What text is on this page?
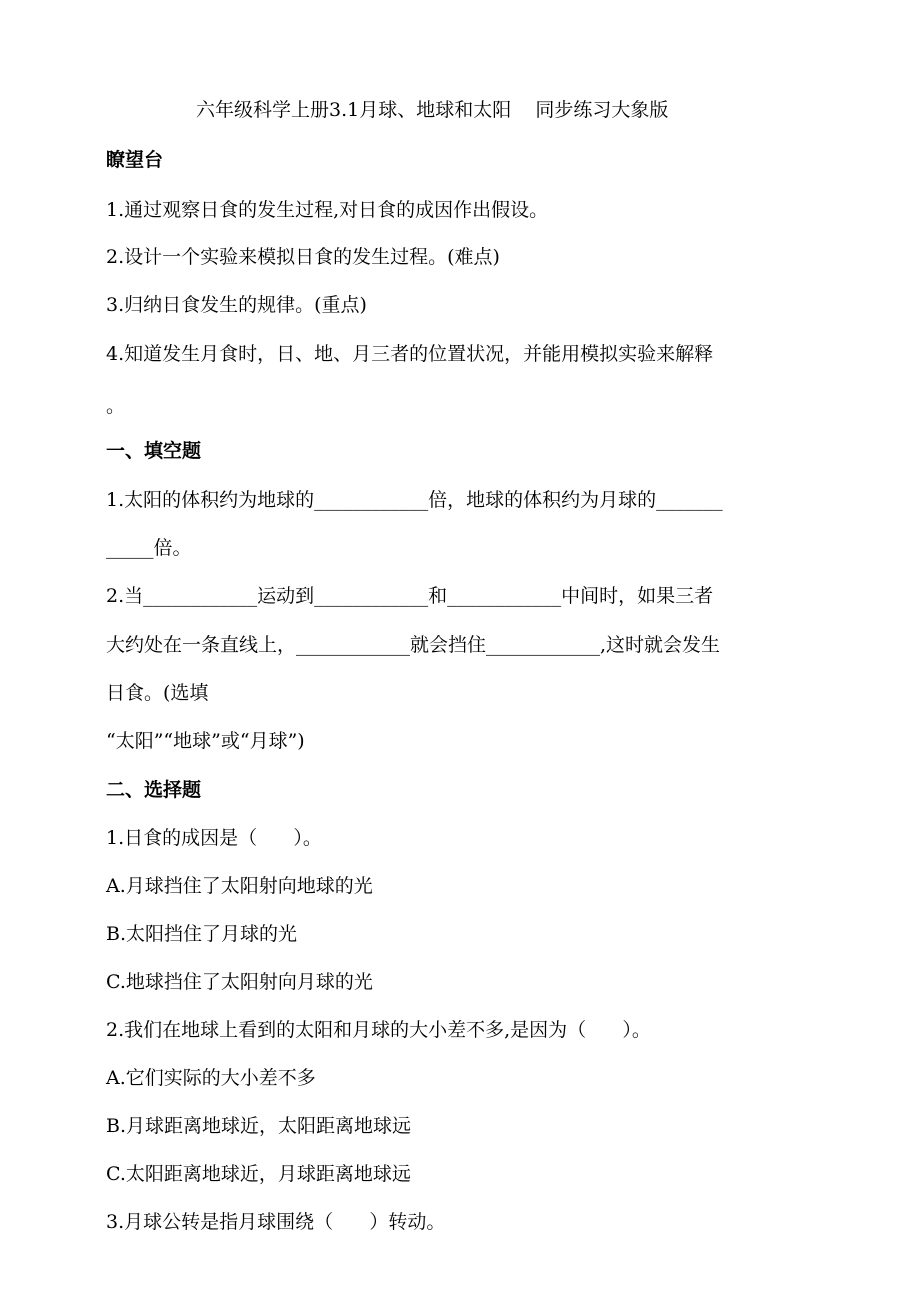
六年级科学上册3.1月球、地球和太阳    同步练习大象版
瞭望台
1.通过观察日食的发生过程,对日食的成因作出假设。
2.设计一个实验来模拟日食的发生过程。(难点)
3.归纳日食发生的规律。(重点)
4.知道发生月食时，日、地、月三者的位置状况，并能用模拟实验来解释
。
一、填空题
1.太阳的体积约为地球的____________倍，地球的体积约为月球的_______
_____倍。
2.当____________运动到____________和____________中间时，如果三者
大约处在一条直线上，____________就会挡住____________,这时就会发生
日食。(选填
“太阳”“地球”或“月球”)
二、选择题
1.日食的成因是（      ）。
A.月球挡住了太阳射向地球的光
B.太阳挡住了月球的光
C.地球挡住了太阳射向月球的光
2.我们在地球上看到的太阳和月球的大小差不多,是因为（      ）。
A.它们实际的大小差不多
B.月球距离地球近，太阳距离地球远
C.太阳距离地球近，月球距离地球远
3.月球公转是指月球围绕（      ）转动。
